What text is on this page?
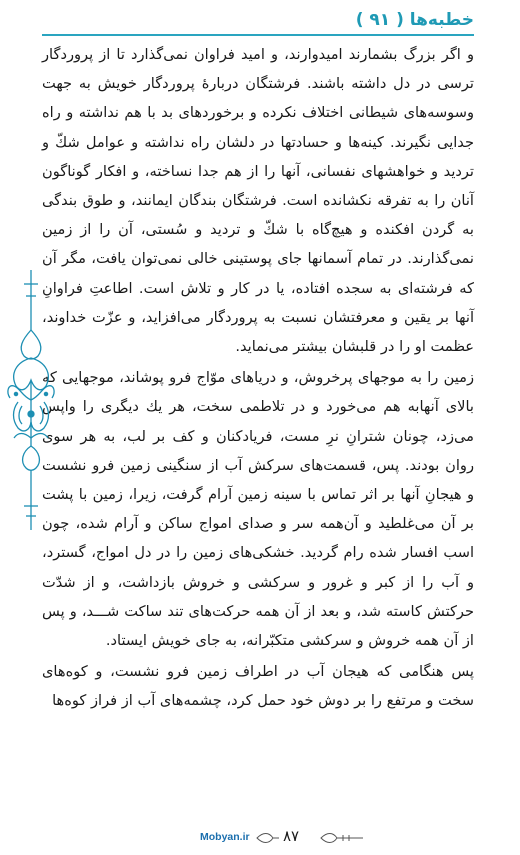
خطبه‌ها ( ۹۱ )

و اگر بزرگ بشمارند اميدوارند، و اميد فراوان نمى‌گذارد تا از پروردگار ترسى در دل داشته باشند. فرشتگان دربارهٔ پروردگار خويش به جهت وسوسه‌هاى شيطانى اختلاف نكرده و برخوردهاى بد با هم نداشته و راه جدايى نگيرند. كينه‌ها و حسادتها در دلشان راه نداشته و عوامل شكّ و ترديد و خواهشهاى نفسانى، آنها را از هم جدا نساخته، و افكار گوناگون آنان را به تفرقه نكشانده است. فرشتگان بندگان ايمانند، و طوق بندگى به گردن افكنده و هيچ‌گاه با شكّ و ترديد و سُستى، آن را از زمين نمى‌گذارند. در تمام آسمانها جاى پوستينى خالى نمى‌توان يافت، مگر آن كه فرشته‌اى به سجده افتاده، يا در كار و تلاش است. اطاعتِ فراوانِ آنها بر يقين و معرفتشان نسبت به پروردگار مى‌افزايد، و عزّت خداوند، عظمت او را در قلبشان بيشتر مى‌نمايد.

زمين را به موجهاى پرخروش، و درياهاى موّاج فرو پوشاند، موجهايى كه بالاى آنهابه هم مى‌خورد و در تلاطمى سخت، هر يك ديگرى را واپس مى‌زد، چونان شترانِ نرِ مست، فريادكنان و كف بر لب، به هر سوى روان بودند. پس، قسمت‌هاى سركش آب از سنگينى زمين فرو نشست و هيجانِ آنها بر اثر تماس با سينه زمين آرام گرفت، زيرا، زمين با پشت بر آن مى‌غلطيد و آن‌همه سر و صداى امواج ساكن و آرام شده، چون اسب افسار شده رام گرديد. خشكى‌هاى زمين را در دل امواج، گسترد، و آب را از كبر و غرور و سركشى و خروش بازداشت، و از شدّت حركتش كاسته شد، و بعد از آن همه حركت‌هاى تند ساكت شـــد، و پس از آن همه خروش و سركشى متكبّرانه، به جاى خويش ايستاد.

پس هنگامى كه هيجان آب در اطراف زمين فرو نشست، و كوه‌هاى سخت و مرتفع را بر دوش خود حمل كرد، چشمه‌هاى آب از فراز كوه‌ها

Mobyan.ir ۸۷
